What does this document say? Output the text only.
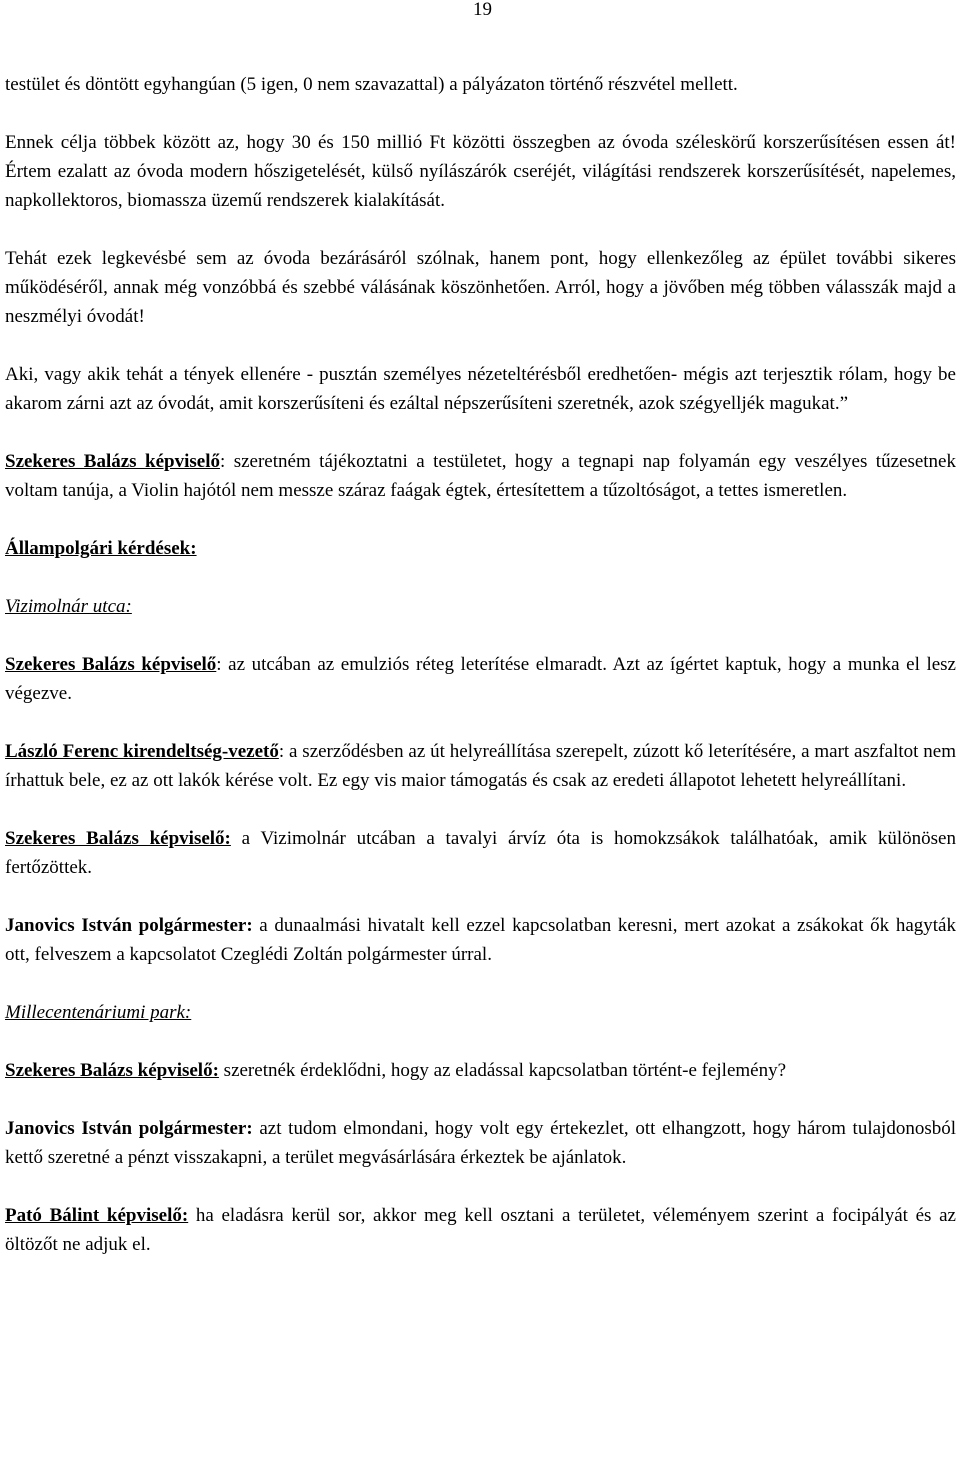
19

testület és döntött egyhangúan (5 igen, 0 nem szavazattal) a pályázaton történő részvétel mellett.

Ennek célja többek között az, hogy 30 és 150 millió Ft közötti összegben az óvoda széleskörű korszerűsítésen essen át! Értem ezalatt az óvoda modern hőszigetelését, külső nyílászárók cseréjét, világítási rendszerek korszerűsítését, napelemes, napkollektoros, biomassza üzemű rendszerek kialakítását.

Tehát ezek legkevésbé sem az óvoda bezárásáról szólnak, hanem pont, hogy ellenkezőleg az épület további sikeres működéséről, annak még vonzóbbá és szebbé válásának köszönhetően. Arról, hogy a jövőben még többen válasszák majd a neszmélyi óvodát!

Aki, vagy akik tehát a tények ellenére - pusztán személyes nézeteltérésből eredhetően- mégis azt terjesztik rólam, hogy be akarom zárni azt az óvodát, amit korszerűsíteni és ezáltal népszerűsíteni szeretnék, azok szégyelljék magukat.”

Szekeres Balázs képviselő: szeretném tájékoztatni a testületet, hogy a tegnapi nap folyamán egy veszélyes tűzesetnek voltam tanúja, a Violin hajótól nem messze száraz faágak égtek, értesítettem a tűzoltóságot, a tettes ismeretlen.

Állampolgári kérdések:
Vizimolnár utca:

Szekeres Balázs képviselő: az utcában az emulziós réteg leterítése elmaradt. Azt az ígértet kaptuk, hogy a munka el lesz végezve.

László Ferenc kirendeltség-vezető: a szerződésben az út helyreállítása szerepelt, zúzott kő leterítésére, a mart aszfaltot nem írhattuk bele, ez az ott lakók kérése volt. Ez egy vis maior támogatás és csak az eredeti állapotot lehetett helyreállítani.

Szekeres Balázs képviselő: a Vizimolnár utcában a tavalyi árvíz óta is homokzsákok találhatóak, amik különösen fertőzöttek.

Janovics István polgármester: a dunaalmási hivatalt kell ezzel kapcsolatban keresni, mert azokat a zsákokat ők hagyták ott, felveszem a kapcsolatot Czeglédi Zoltán polgármester úrral.

Millecentenáriumi park:

Szekeres Balázs képviselő: szeretnék érdeklődni, hogy az eladással kapcsolatban történt-e fejlemény?

Janovics István polgármester: azt tudom elmondani, hogy volt egy értekezlet, ott elhangzott, hogy három tulajdonosból kettő szeretné a pénzt visszakapni, a terület megvásárlására érkeztek be ajánlatok.

Pató Bálint képviselő: ha eladásra kerül sor, akkor meg kell osztani a területet, véleményem szerint a focipályát és az öltözőt ne adjuk el.
